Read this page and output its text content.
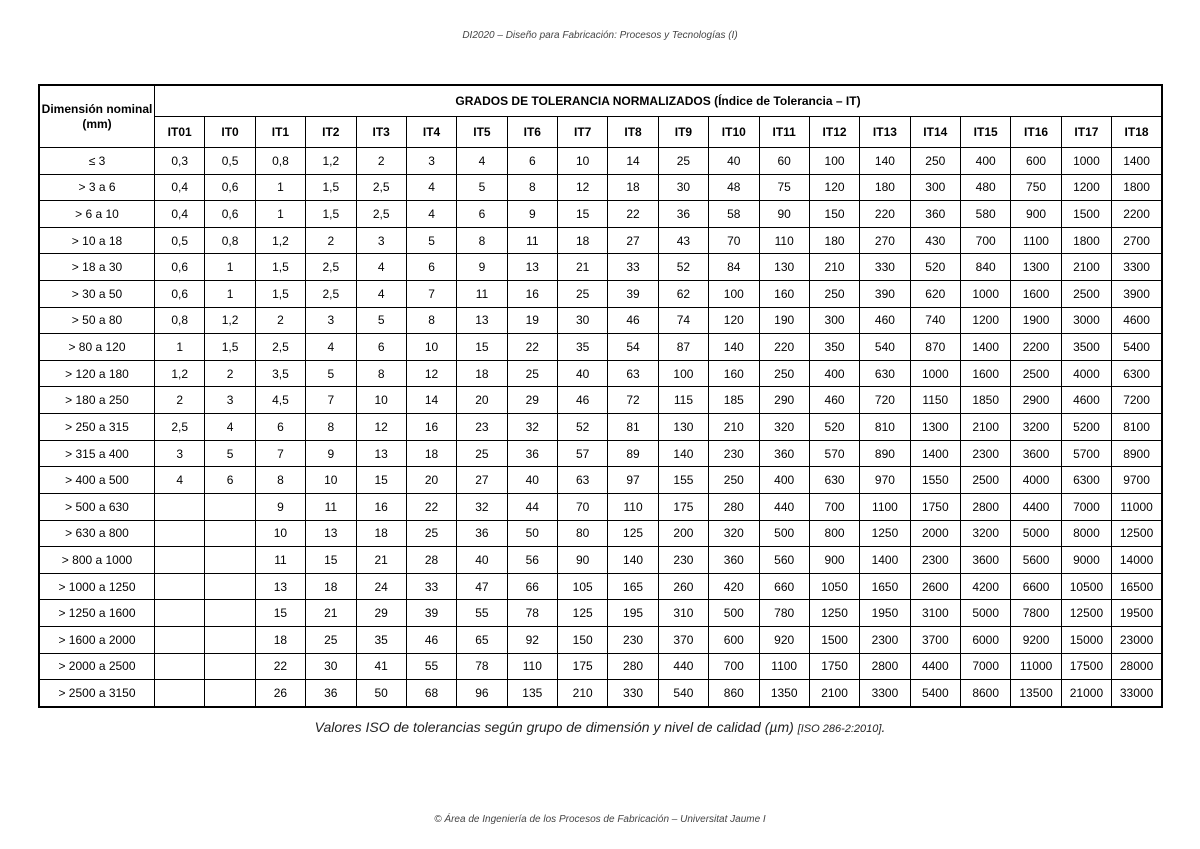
DI2020 – Diseño para Fabricación: Procesos y Tecnologías (I)
Dimensión nominal (mm)	GRADOS DE TOLERANCIA NORMALIZADOS (Índice de Tolerancia – IT)																			
	IT01	IT0	IT1	IT2	IT3	IT4	IT5	IT6	IT7	IT8	IT9	IT10	IT11	IT12	IT13	IT14	IT15	IT16	IT17	IT18
≤ 3	0,3	0,5	0,8	1,2	2	3	4	6	10	14	25	40	60	100	140	250	400	600	1000	1400
> 3 a 6	0,4	0,6	1	1,5	2,5	4	5	8	12	18	30	48	75	120	180	300	480	750	1200	1800
> 6 a 10	0,4	0,6	1	1,5	2,5	4	6	9	15	22	36	58	90	150	220	360	580	900	1500	2200
> 10 a 18	0,5	0,8	1,2	2	3	5	8	11	18	27	43	70	110	180	270	430	700	1100	1800	2700
> 18 a 30	0,6	1	1,5	2,5	4	6	9	13	21	33	52	84	130	210	330	520	840	1300	2100	3300
> 30 a 50	0,6	1	1,5	2,5	4	7	11	16	25	39	62	100	160	250	390	620	1000	1600	2500	3900
> 50 a 80	0,8	1,2	2	3	5	8	13	19	30	46	74	120	190	300	460	740	1200	1900	3000	4600
> 80 a 120	1	1,5	2,5	4	6	10	15	22	35	54	87	140	220	350	540	870	1400	2200	3500	5400
> 120 a 180	1,2	2	3,5	5	8	12	18	25	40	63	100	160	250	400	630	1000	1600	2500	4000	6300
> 180 a 250	2	3	4,5	7	10	14	20	29	46	72	115	185	290	460	720	1150	1850	2900	4600	7200
> 250 a 315	2,5	4	6	8	12	16	23	32	52	81	130	210	320	520	810	1300	2100	3200	5200	8100
> 315 a 400	3	5	7	9	13	18	25	36	57	89	140	230	360	570	890	1400	2300	3600	5700	8900
> 400 a 500	4	6	8	10	15	20	27	40	63	97	155	250	400	630	970	1550	2500	4000	6300	9700
> 500 a 630			9	11	16	22	32	44	70	110	175	280	440	700	1100	1750	2800	4400	7000	11000
> 630 a 800			10	13	18	25	36	50	80	125	200	320	500	800	1250	2000	3200	5000	8000	12500
> 800 a 1000			11	15	21	28	40	56	90	140	230	360	560	900	1400	2300	3600	5600	9000	14000
> 1000 a 1250			13	18	24	33	47	66	105	165	260	420	660	1050	1650	2600	4200	6600	10500	16500
> 1250 a 1600			15	21	29	39	55	78	125	195	310	500	780	1250	1950	3100	5000	7800	12500	19500
> 1600 a 2000			18	25	35	46	65	92	150	230	370	600	920	1500	2300	3700	6000	9200	15000	23000
> 2000 a 2500			22	30	41	55	78	110	175	280	440	700	1100	1750	2800	4400	7000	11000	17500	28000
> 2500 a 3150			26	36	50	68	96	135	210	330	540	860	1350	2100	3300	5400	8600	13500	21000	33000
Valores ISO de tolerancias según grupo de dimensión y nivel de calidad (µm) [ISO 286-2:2010].
© Área de Ingeniería de los Procesos de Fabricación – Universitat Jaume I
